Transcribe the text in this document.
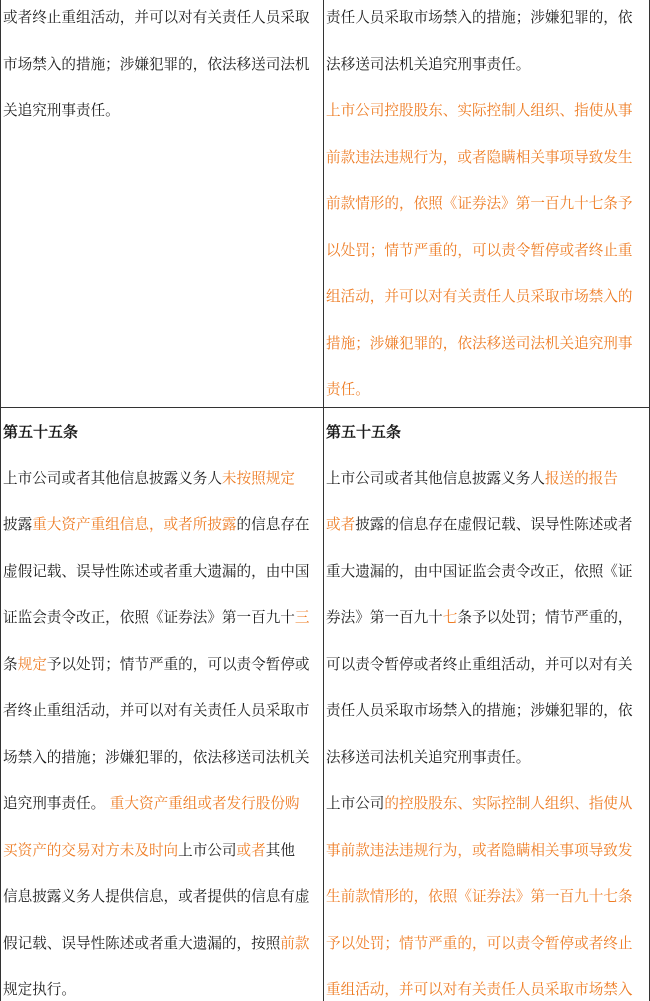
或者终止重组活动，并可以对有关责任人员采取
市场禁入的措施；涉嫌犯罪的，依法移送司法机
关追究刑事责任。
责任人员采取市场禁入的措施；涉嫌犯罪的，依
法移送司法机关追究刑事责任。
上市公司控股股东、实际控制人组织、指使从事
前款违法违规行为，或者隐瞒相关事项导致发生
前款情形的，依照《证券法》第一百九十七条予
以处罚；情节严重的，可以责令暂停或者终止重
组活动，并可以对有关责任人员采取市场禁入的
措施；涉嫌犯罪的，依法移送司法机关追究刑事
责任。
第五十五条
上市公司或者其他信息披露义务人未按照规定
披露重大资产重组信息，或者所披露的信息存在
虚假记载、误导性陈述或者重大遗漏的，由中国
证监会责令改正，依照《证券法》第一百九十三
条规定予以处罚；情节严重的，可以责令暂停或
者终止重组活动，并可以对有关责任人员采取市
场禁入的措施；涉嫌犯罪的，依法移送司法机关
追究刑事责任。 重大资产重组或者发行股份购
买资产的交易对方未及时向上市公司或者其他
信息披露义务人提供信息，或者提供的信息有虚
假记载、误导性陈述或者重大遗漏的，按照前款
规定执行。
第五十五条
上市公司或者其他信息披露义务人报送的报告
或者披露的信息存在虚假记载、误导性陈述或者
重大遗漏的，由中国证监会责令改正，依照《证
券法》第一百九十七条予以处罚；情节严重的，
可以责令暂停或者终止重组活动，并可以对有关
责任人员采取市场禁入的措施；涉嫌犯罪的，依
法移送司法机关追究刑事责任。
上市公司的控股股东、实际控制人组织、指使从
事前款违法违规行为，或者隐瞒相关事项导致发
生前款情形的，依照《证券法》第一百九十七条
予以处罚；情节严重的，可以责令暂停或者终止
重组活动，并可以对有关责任人员采取市场禁入
